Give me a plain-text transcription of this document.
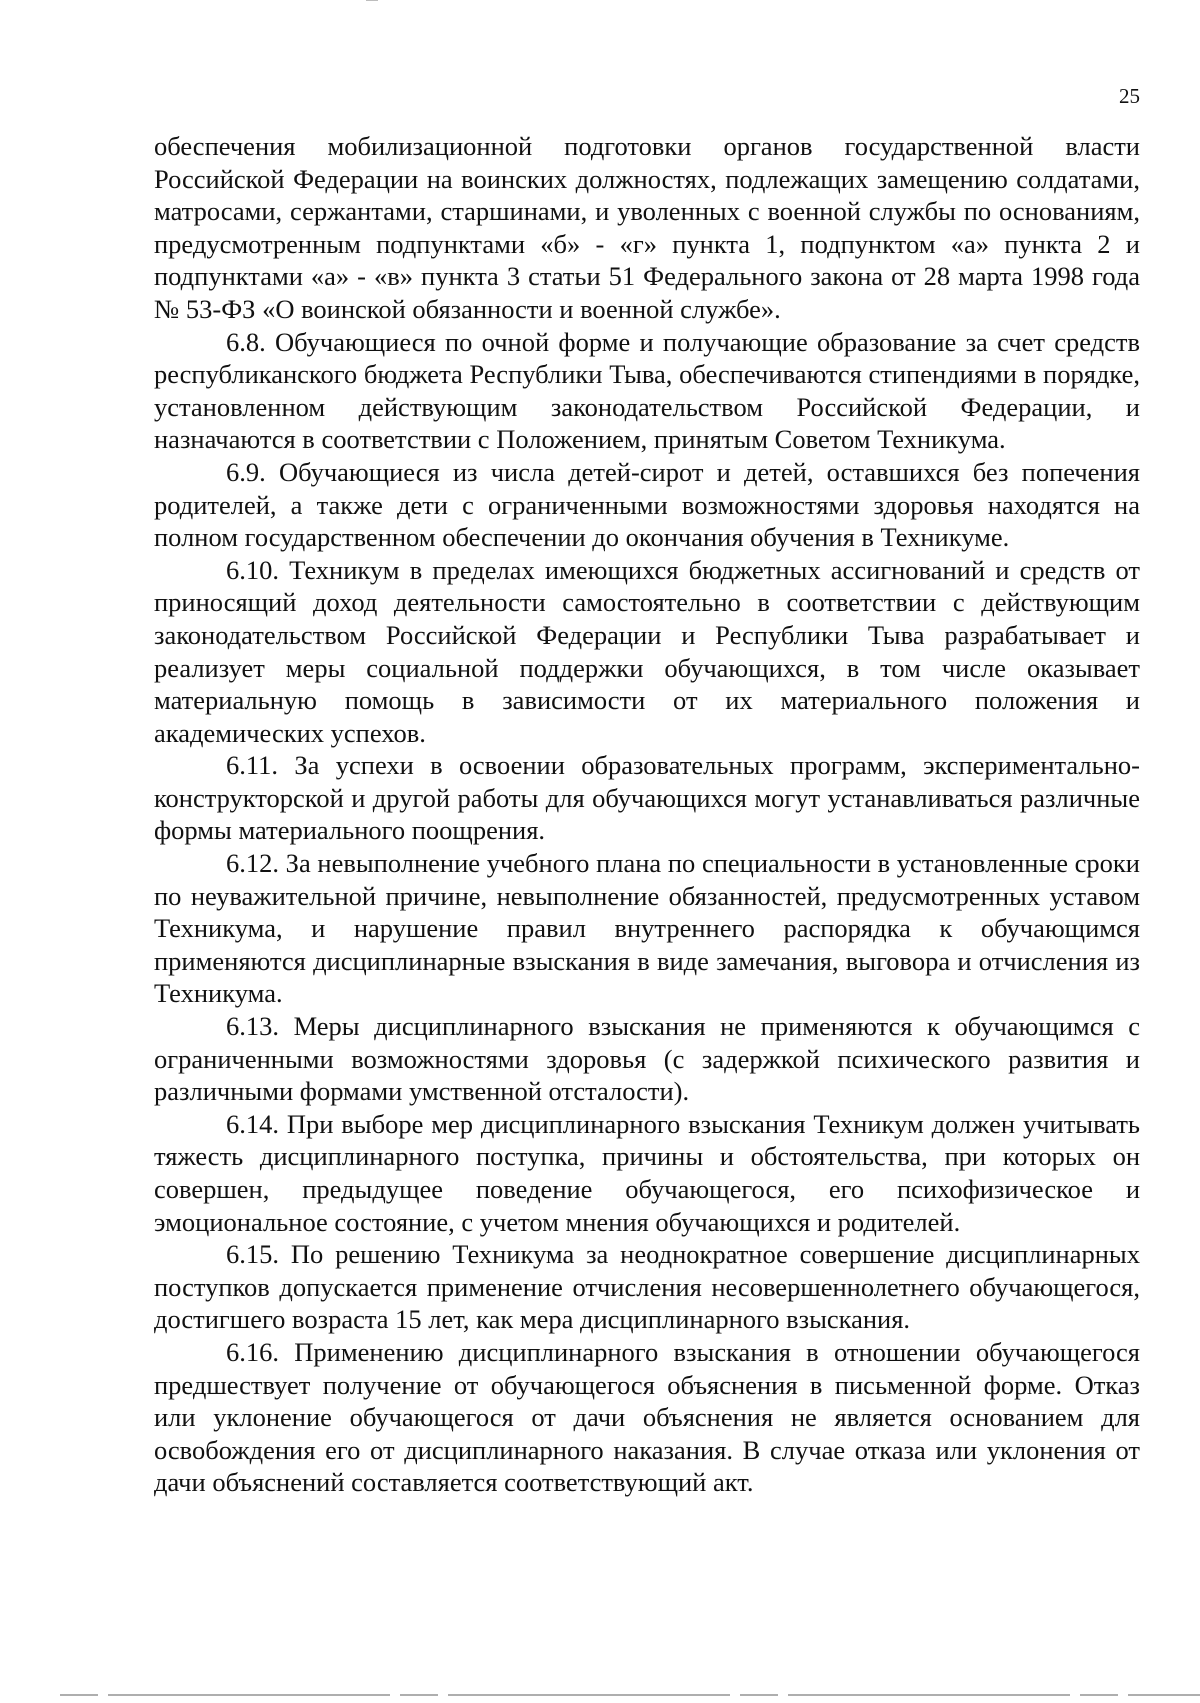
25

обеспечения мобилизационной подготовки органов государственной власти Российской Федерации на воинских должностях, подлежащих замещению солдатами, матросами, сержантами, старшинами, и уволенных с военной службы по основаниям, предусмотренным подпунктами «б» - «г» пункта 1, подпунктом «а» пункта 2 и подпунктами «а» - «в» пункта 3 статьи 51 Федерального закона от 28 марта 1998 года № 53-ФЗ «О воинской обязанности и военной службе».

6.8. Обучающиеся по очной форме и получающие образование за счет средств республиканского бюджета Республики Тыва, обеспечиваются стипендиями в порядке, установленном действующим законодательством Российской Федерации, и назначаются в соответствии с Положением, принятым Советом Техникума.

6.9. Обучающиеся из числа детей-сирот и детей, оставшихся без попечения родителей, а также дети с ограниченными возможностями здоровья находятся на полном государственном обеспечении до окончания обучения в Техникуме.

6.10. Техникум в пределах имеющихся бюджетных ассигнований и средств от приносящий доход деятельности самостоятельно в соответствии с действующим законодательством Российской Федерации и Республики Тыва разрабатывает и реализует меры социальной поддержки обучающихся, в том числе оказывает материальную помощь в зависимости от их материального положения и академических успехов.

6.11. За успехи в освоении образовательных программ, экспериментально-конструкторской и другой работы для обучающихся могут устанавливаться различные формы материального поощрения.

6.12. За невыполнение учебного плана по специальности в установленные сроки по неуважительной причине, невыполнение обязанностей, предусмотренных уставом Техникума, и нарушение правил внутреннего распорядка к обучающимся применяются дисциплинарные взыскания в виде замечания, выговора и отчисления из Техникума.

6.13. Меры дисциплинарного взыскания не применяются к обучающимся с ограниченными возможностями здоровья (с задержкой психического развития и различными формами умственной отсталости).

6.14. При выборе мер дисциплинарного взыскания Техникум должен учитывать тяжесть дисциплинарного поступка, причины и обстоятельства, при которых он совершен, предыдущее поведение обучающегося, его психофизическое и эмоциональное состояние, с учетом мнения обучающихся и родителей.

6.15. По решению Техникума за неоднократное совершение дисциплинарных поступков допускается применение отчисления несовершеннолетнего обучающегося, достигшего возраста 15 лет, как мера дисциплинарного взыскания.

6.16. Применению дисциплинарного взыскания в отношении обучающегося предшествует получение от обучающегося объяснения в письменной форме. Отказ или уклонение обучающегося от дачи объяснения не является основанием для освобождения его от дисциплинарного наказания. В случае отказа или уклонения от дачи объяснений составляется соответствующий акт.
